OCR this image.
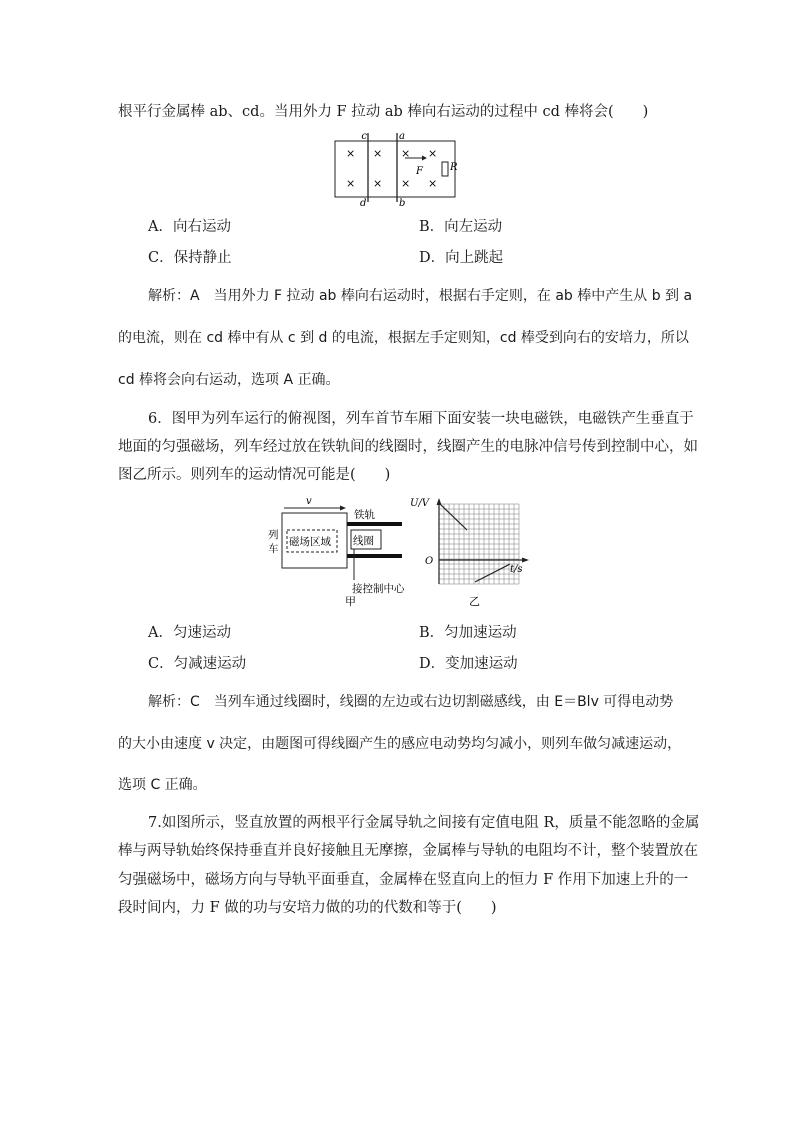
根平行金属棒 ab、cd。当用外力 F 拉动 ab 棒向右运动的过程中 cd 棒将会(　　)
c	a
d	b
F	R
× × × ×
× × × ×
A．向右运动	B．向左运动
C．保持静止	D．向上跳起
解析：A　当用外力 F 拉动 ab 棒向右运动时，根据右手定则，在 ab 棒中产生从 b 到 a
的电流，则在 cd 棒中有从 c 到 d 的电流，根据左手定则知，cd 棒受到向右的安培力，所以
cd 棒将会向右运动，选项 A 正确。
6．图甲为列车运行的俯视图，列车首节车厢下面安装一块电磁铁，电磁铁产生垂直于
地面的匀强磁场，列车经过放在铁轨间的线圈时，线圈产生的电脉冲信号传到控制中心，如
图乙所示。则列车的运动情况可能是(　　)
v
磁场区域
铁轨
线圈
接控制中心
列
车
甲
U/V
t/s
O
乙
A．匀速运动	B．匀加速运动
C．匀减速运动	D．变加速运动
解析：C　当列车通过线圈时，线圈的左边或右边切割磁感线，由 E＝Blv 可得电动势
的大小由速度 v 决定，由题图可得线圈产生的感应电动势均匀减小，则列车做匀减速运动，
选项 C 正确。
7.如图所示，竖直放置的两根平行金属导轨之间接有定值电阻 R，质量不能忽略的金属
棒与两导轨始终保持垂直并良好接触且无摩擦，金属棒与导轨的电阻均不计，整个装置放在
匀强磁场中，磁场方向与导轨平面垂直，金属棒在竖直向上的恒力 F 作用下加速上升的一
段时间内，力 F 做的功与安培力做的功的代数和等于(　　)
